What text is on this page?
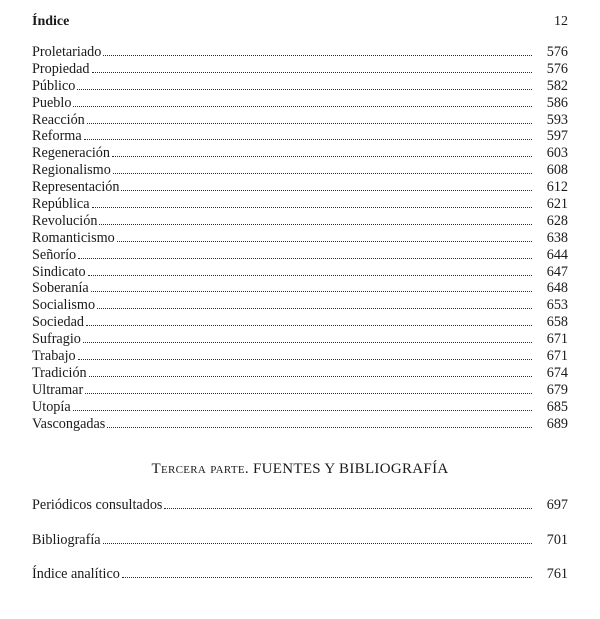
Índice	12
Proletariado	576
Propiedad	576
Público	582
Pueblo	586
Reacción	593
Reforma	597
Regeneración	603
Regionalismo	608
Representación	612
República	621
Revolución	628
Romanticismo	638
Señorío	644
Sindicato	647
Soberanía	648
Socialismo	653
Sociedad	658
Sufragio	671
Trabajo	671
Tradición	674
Ultramar	679
Utopía	685
Vascongadas	689
Tercera parte. FUENTES Y BIBLIOGRAFÍA
Periódicos consultados	697
Bibliografía	701
Índice analítico	761
